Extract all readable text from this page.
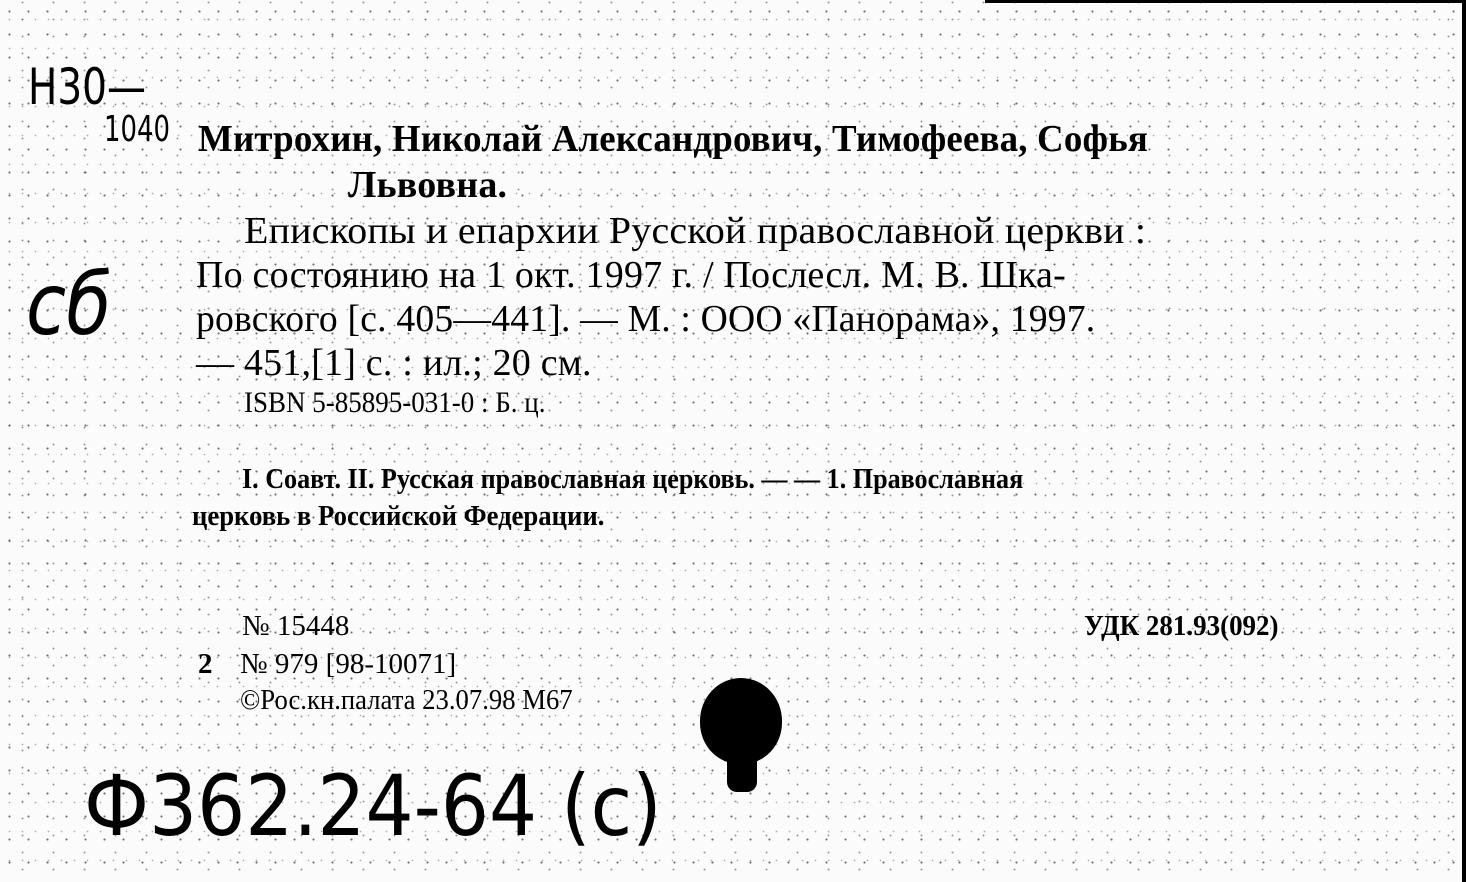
Н30—
1040
сб
Митрохин, Николай Александрович, Тимофеева, Софья
Львовна.
Епископы и епархии Русской православной церкви :
По состоянию на 1 окт. 1997 г. / Послесл. М. В. Шка-
ровского [с. 405—441]. — М. : ООО «Панорама», 1997.
— 451,[1] с. : ил.; 20 см.
ISBN 5-85895-031-0 : Б. ц.
I. Соавт. II. Русская православная церковь. — — 1. Православная
церковь в Российской Федерации.
№ 15448	УДК 281.93(092)
2 № 979 [98-10071]
©Рос.кн.палата 23.07.98 М67
Ф362.24-64 (с)
